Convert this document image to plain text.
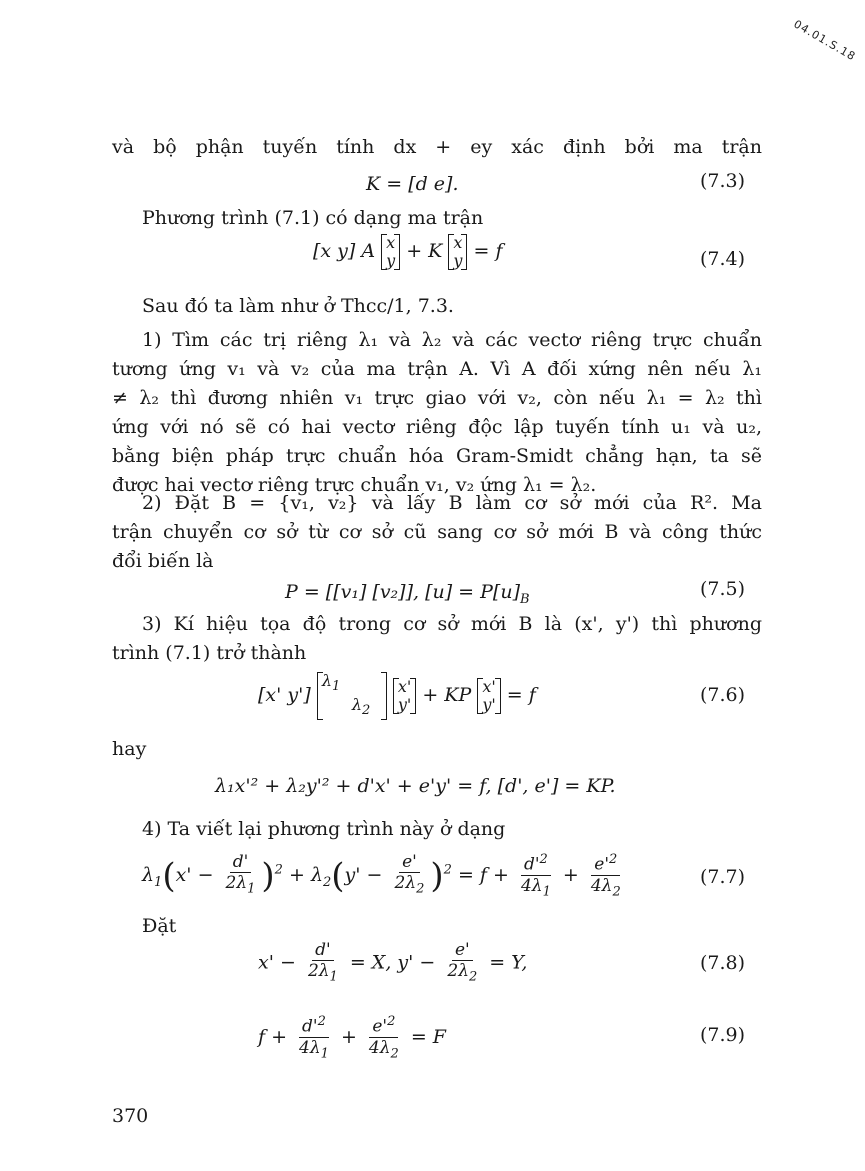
04.01.S.18
và bộ phận tuyến tính dx + ey xác định bởi ma trận
K = [d e].	(7.3)
Phương trình (7.1) có dạng ma trận
[x y] A x
y + K x
y = f	(7.4)
Sau đó ta làm như ở Thcc/1, 7.3.

1) Tìm các trị riêng λ₁ và λ₂ và các vectơ riêng trực chuẩn

tương ứng v₁ và v₂ của ma trận A. Vì A đối xứng nên nếu λ₁

≠ λ₂ thì đương nhiên v₁ trực giao với v₂, còn nếu λ₁ = λ₂ thì

ứng với nó sẽ có hai vectơ riêng độc lập tuyến tính u₁ và u₂,

bằng biện pháp trực chuẩn hóa Gram-Smidt chẳng hạn, ta sẽ

được hai vectơ riêng trực chuẩn v₁, v₂ ứng λ₁ = λ₂.

2) Đặt B = {v₁, v₂} và lấy B làm cơ sở mới của R². Ma

trận chuyển cơ sở từ cơ sở cũ sang cơ sở mới B và công thức

đổi biến là

P = [[v₁] [v₂]], $[u] = P[u]_B$	(7.5)

3) Kí hiệu tọa độ trong cơ sở mới B là (x', y') thì phương

trình (7.1) trở thành

[x' y'] $\lambda_1$
$\lambda_2$ x'
y' + KP x'
y' = f	(7.6)
hay
λ₁x'² + λ₂y'² + d'x' + e'y' = f, [d', e'] = KP.
4) Ta viết lại phương trình này ở dạng
$\lambda_1(x' - \frac{d'}{2\lambda_1} )^2 + \lambda_2(y' - \frac{e'}{2\lambda_2} )^2 = f + \frac{d'^2}{4\lambda_1} + \frac{e'^2}{4\lambda_2}$	(7.7)
Đặt
$x' - \frac{d'}{2\lambda_1} = X$, $y' - \frac{e'}{2\lambda_2} = Y$,	(7.8)
$f + \frac{d'^2}{4\lambda_1} + \frac{e'^2}{4\lambda_2} = F$	(7.9)
370
